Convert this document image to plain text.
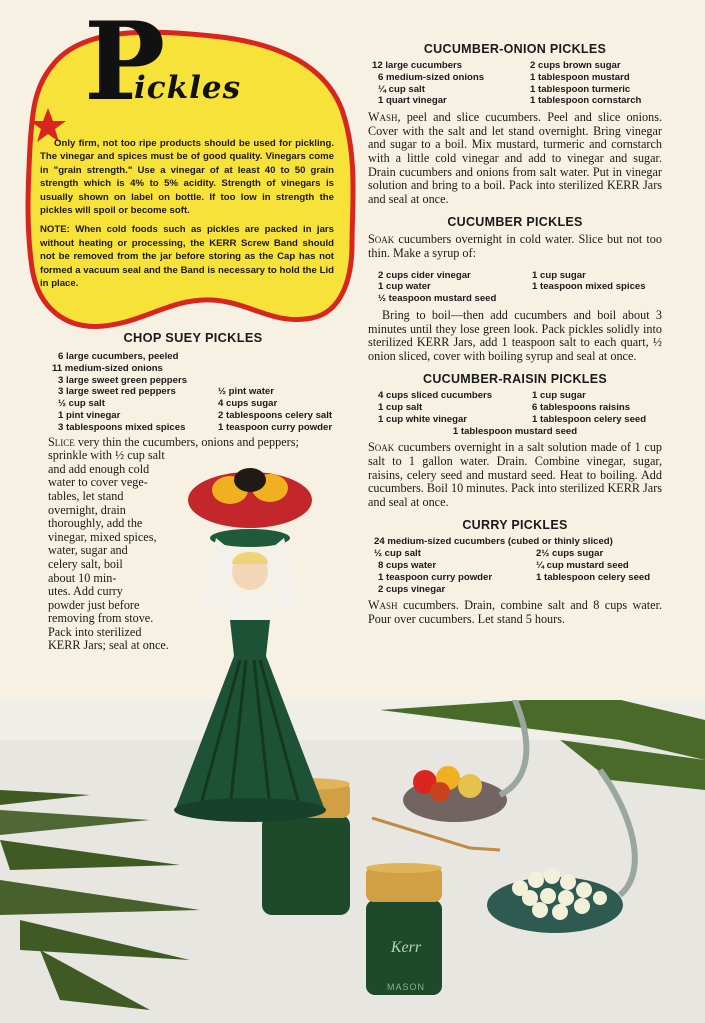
P
ickles

Only firm, not too ripe products should be used for pickling. The vinegar and spices must be of good quality. Vinegars come in "grain strength." Use a vinegar of at least 40 to 50 grain strength which is 4% to 5% acidity. Strength of vinegars is usually shown on label on bottle. If too low in strength the pickles will spoil or become soft.

NOTE: When cold foods such as pickles are packed in jars without heating or processing, the KERR Screw Band should not be removed from the jar before storing as the Cap has not formed a vacuum seal and the Band is necessary to hold the Lid in place.

CUCUMBER-ONION PICKLES
12 large cucumbers
6 medium-sized onions
¼ cup salt
1 quart vinegar
2 cups brown sugar
1 tablespoon mustard
1 tablespoon turmeric
1 tablespoon cornstarch

Wash, peel and slice cucumbers. Peel and slice onions. Cover with the salt and let stand overnight. Bring vinegar and sugar to a boil. Mix mustard, turmeric and cornstarch with a little cold vinegar and add to vinegar and sugar. Drain cucumbers and onions from salt water. Put in vinegar solution and bring to a boil. Pack into sterilized KERR Jars and seal at once.

CUCUMBER PICKLES

Soak cucumbers overnight in cold water. Slice but not too thin. Make a syrup of:

2 cups cider vinegar
1 cup water
1 cup sugar
1 teaspoon mixed spices
½ teaspoon mustard seed

Bring to boil—then add cucumbers and boil about 3 minutes until they lose green look. Pack pickles solidly into sterilized KERR Jars, add 1 teaspoon salt to each quart, ½ onion sliced, cover with boiling syrup and seal at once.

CUCUMBER-RAISIN PICKLES
4 cups sliced cucumbers
1 cup salt
1 cup white vinegar
1 cup sugar
6 tablespoons raisins
1 tablespoon celery seed
1 tablespoon mustard seed

Soak cucumbers overnight in a salt solution made of 1 cup salt to 1 gallon water. Drain. Combine vinegar, sugar, raisins, celery seed and mustard seed. Heat to boiling. Add cucumbers. Boil 10 minutes. Pack into sterilized KERR Jars and seal at once.

CURRY PICKLES
24 medium-sized cucumbers (cubed or thinly sliced)
½ cup salt
8 cups water
1 teaspoon curry powder
2 cups vinegar
2½ cups sugar
¼ cup mustard seed
1 tablespoon celery seed

Wash cucumbers. Drain, combine salt and 8 cups water. Pour over cucumbers. Let stand 5 hours.

CHOP SUEY PICKLES
6 large cucumbers, peeled
11 medium-sized onions
3 large sweet green peppers
3 large sweet red peppers
½ cup salt
1 pint vinegar
3 tablespoons mixed spices
½ pint water
4 cups sugar
2 tablespoons celery salt
1 teaspoon curry powder
Slice very thin the cucumbers, onions and peppers;
sprinkle with ½ cup salt
and add enough cold
water to cover vege-
tables, let stand
overnight, drain
thoroughly, add the
vinegar, mixed spices,
water, sugar and
celery salt, boil
about 10 min-
utes. Add curry
powder just before
removing from stove.
Pack into sterilized
KERR Jars; seal at once.
Kerr
MASON
